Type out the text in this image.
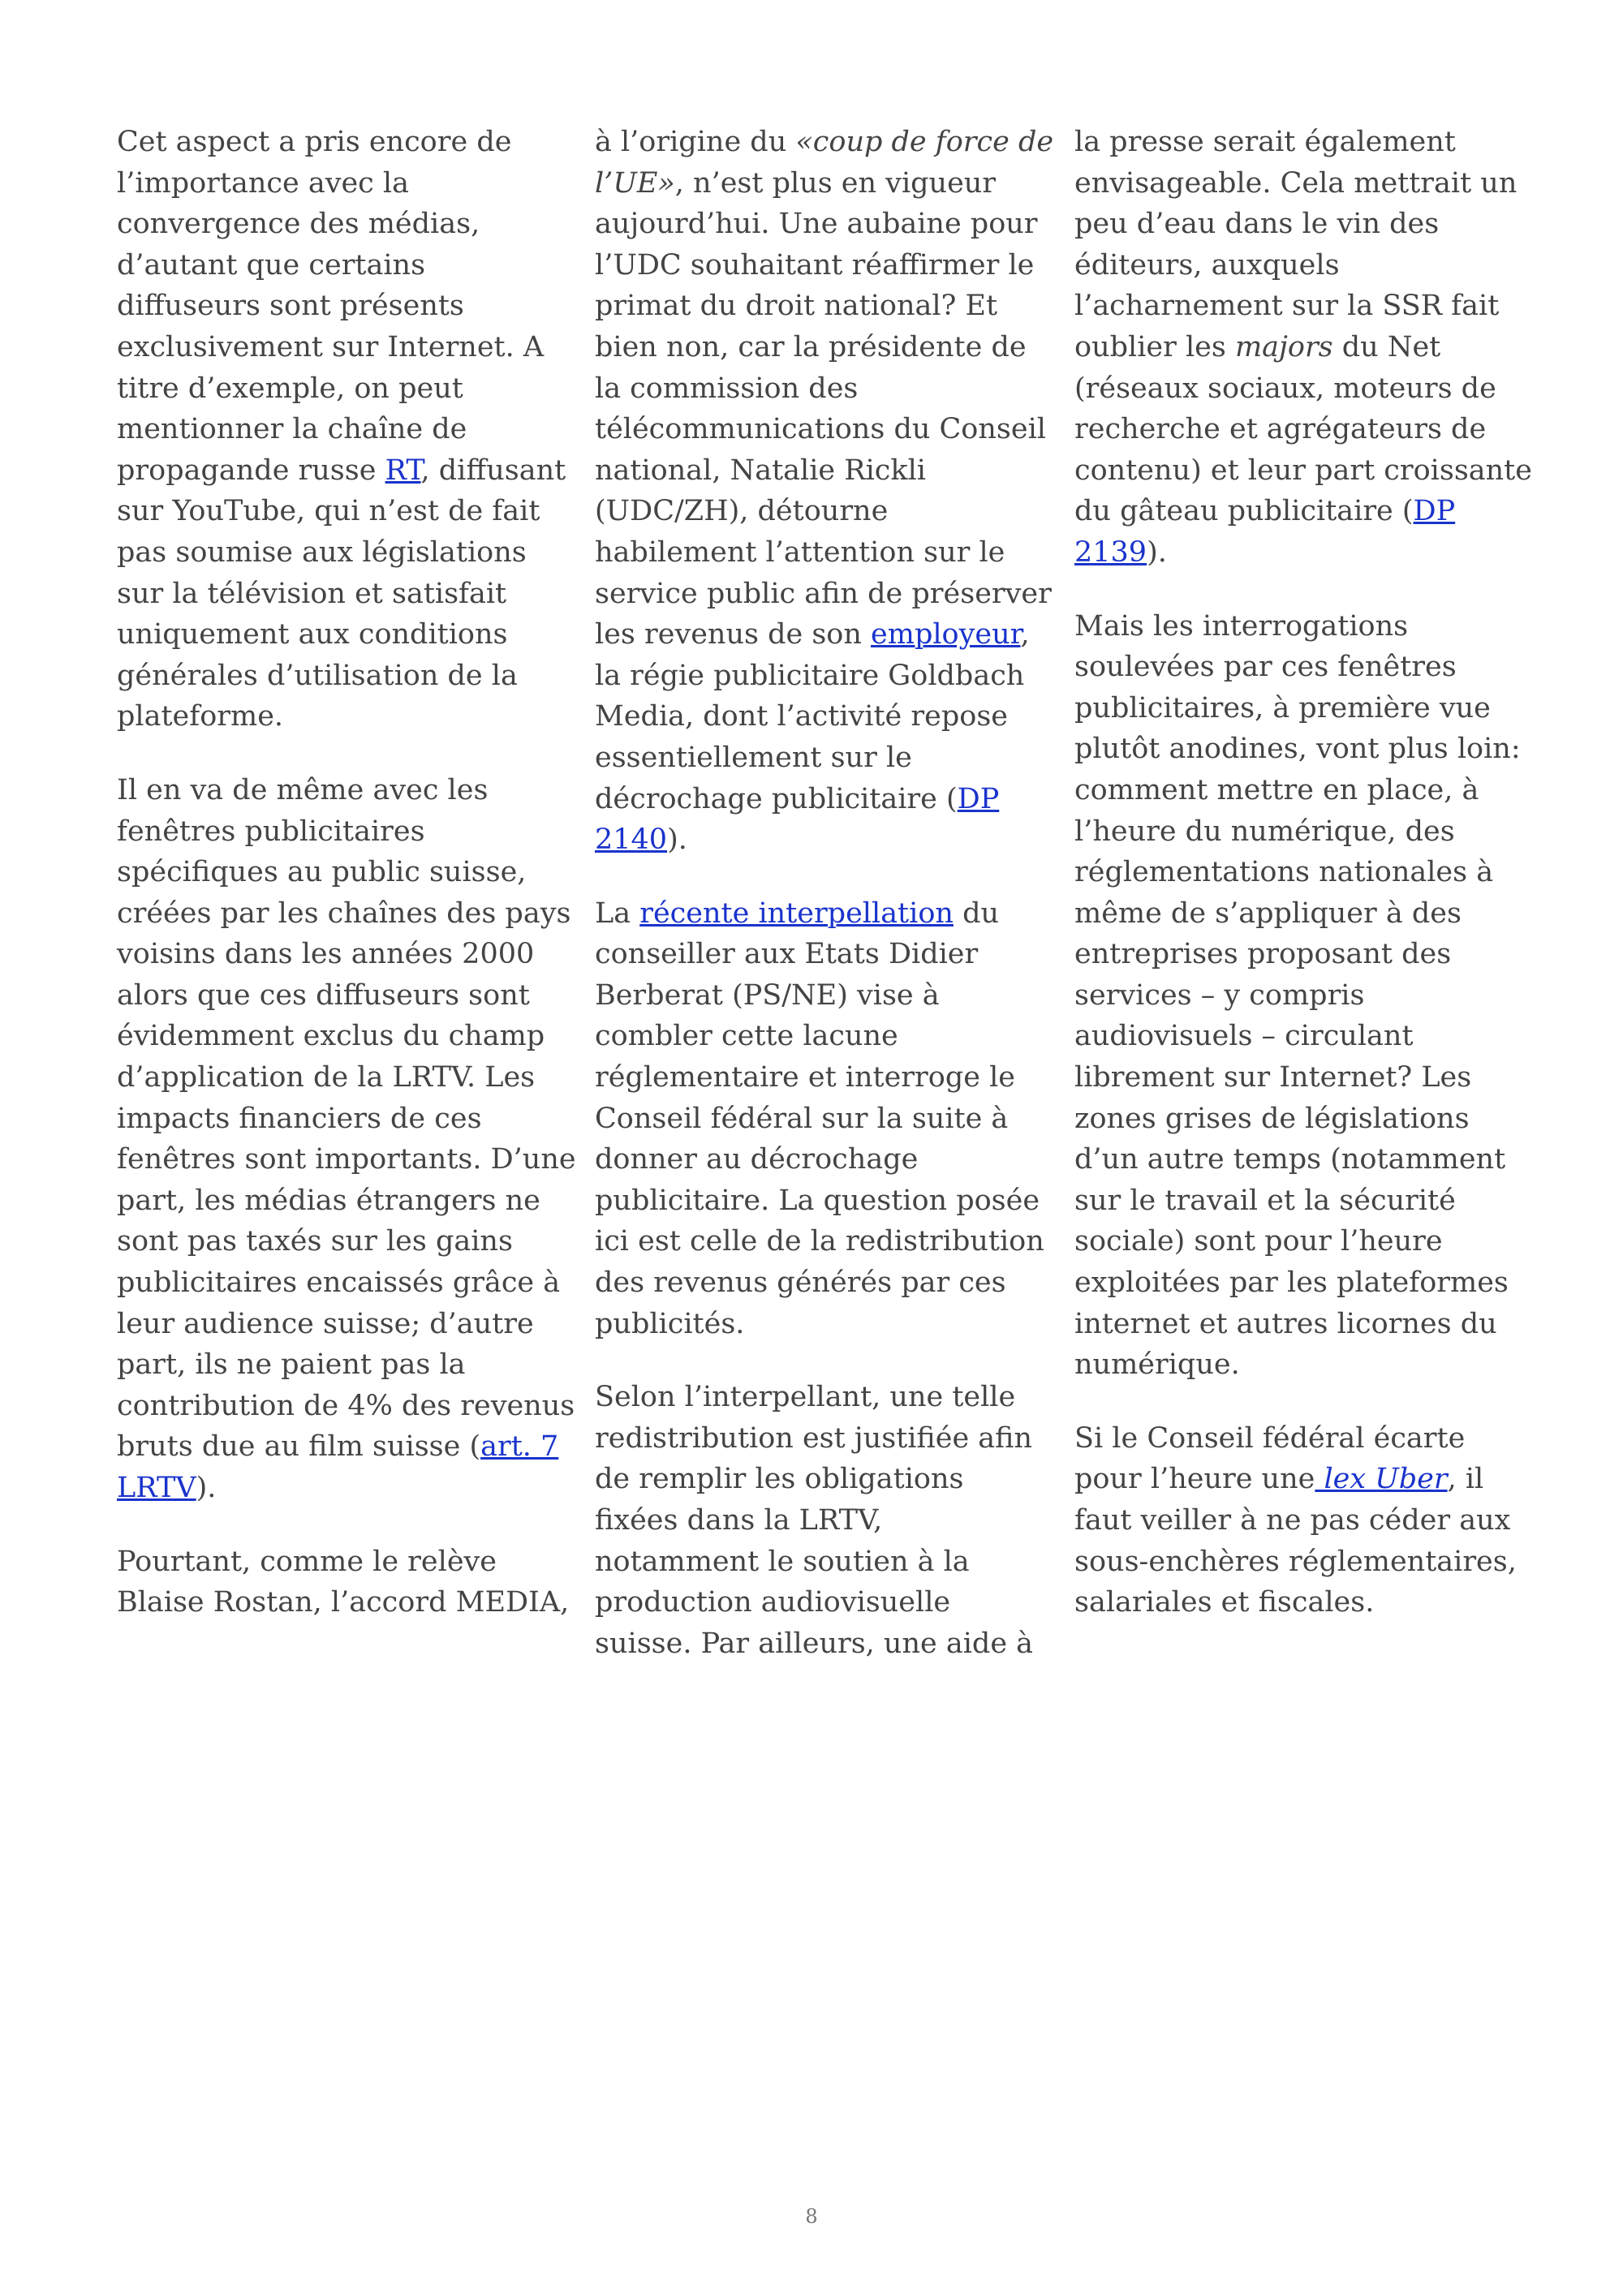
Cet aspect a pris encore de
l’importance avec la
convergence des médias,
d’autant que certains
diffuseurs sont présents
exclusivement sur Internet. A
titre d’exemple, on peut
mentionner la chaîne de
propagande russe RT, diffusant
sur YouTube, qui n’est de fait
pas soumise aux législations
sur la télévision et satisfait
uniquement aux conditions
générales d’utilisation de la
plateforme.

Il en va de même avec les
fenêtres publicitaires
spécifiques au public suisse,
créées par les chaînes des pays
voisins dans les années 2000
alors que ces diffuseurs sont
évidemment exclus du champ
d’application de la LRTV. Les
impacts financiers de ces
fenêtres sont importants. D’une
part, les médias étrangers ne
sont pas taxés sur les gains
publicitaires encaissés grâce à
leur audience suisse; d’autre
part, ils ne paient pas la
contribution de 4% des revenus
bruts due au film suisse (art. 7
LRTV).

Pourtant, comme le relève
Blaise Rostan, l’accord MEDIA,

à l’origine du «coup de force de
l’UE», n’est plus en vigueur
aujourd’hui. Une aubaine pour
l’UDC souhaitant réaffirmer le
primat du droit national? Et
bien non, car la présidente de
la commission des
télécommunications du Conseil
national, Natalie Rickli
(UDC/ZH), détourne
habilement l’attention sur le
service public afin de préserver
les revenus de son employeur,
la régie publicitaire Goldbach
Media, dont l’activité repose
essentiellement sur le
décrochage publicitaire (DP
2140).

La récente interpellation du
conseiller aux Etats Didier
Berberat (PS/NE) vise à
combler cette lacune
réglementaire et interroge le
Conseil fédéral sur la suite à
donner au décrochage
publicitaire. La question posée
ici est celle de la redistribution
des revenus générés par ces
publicités.

Selon l’interpellant, une telle
redistribution est justifiée afin
de remplir les obligations
fixées dans la LRTV,
notamment le soutien à la
production audiovisuelle
suisse. Par ailleurs, une aide à

la presse serait également
envisageable. Cela mettrait un
peu d’eau dans le vin des
éditeurs, auxquels
l’acharnement sur la SSR fait
oublier les majors du Net
(réseaux sociaux, moteurs de
recherche et agrégateurs de
contenu) et leur part croissante
du gâteau publicitaire (DP
2139).

Mais les interrogations
soulevées par ces fenêtres
publicitaires, à première vue
plutôt anodines, vont plus loin:
comment mettre en place, à
l’heure du numérique, des
réglementations nationales à
même de s’appliquer à des
entreprises proposant des
services – y compris
audiovisuels – circulant
librement sur Internet? Les
zones grises de législations
d’un autre temps (notamment
sur le travail et la sécurité
sociale) sont pour l’heure
exploitées par les plateformes
internet et autres licornes du
numérique.

Si le Conseil fédéral écarte
pour l’heure une lex Uber, il
faut veiller à ne pas céder aux
sous-enchères réglementaires,
salariales et fiscales.

8
